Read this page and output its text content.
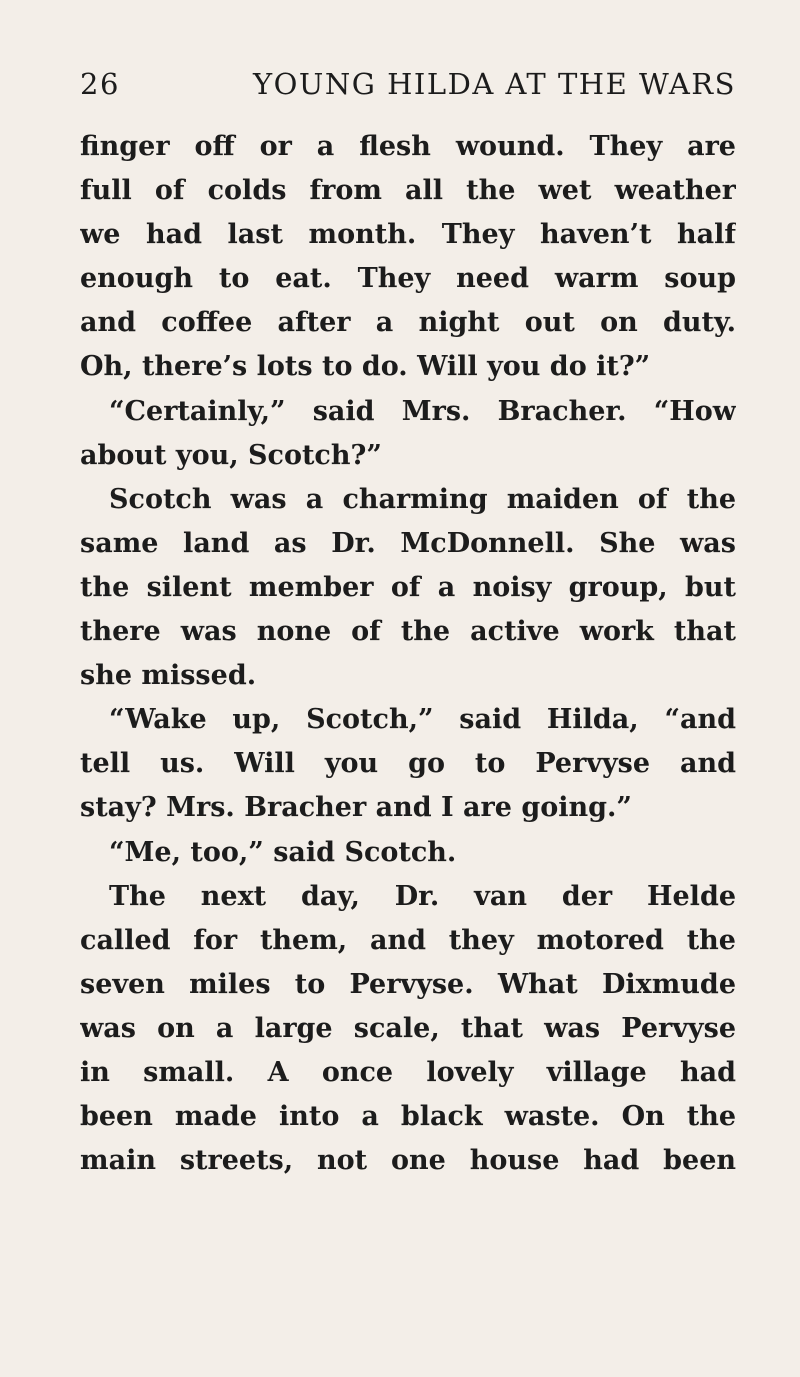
26	YOUNG HILDA AT THE WARS
finger off or a flesh wound. They are
full of colds from all the wet weather
we had last month. They haven’t half
enough to eat. They need warm soup
and coffee after a night out on duty.
Oh, there’s lots to do. Will you do it?”
“Certainly,” said Mrs. Bracher. “How
about you, Scotch?”
Scotch was a charming maiden of the
same land as Dr. McDonnell. She was
the silent member of a noisy group, but
there was none of the active work that
she missed.
“Wake up, Scotch,” said Hilda, “and
tell us. Will you go to Pervyse and
stay? Mrs. Bracher and I are going.”
“Me, too,” said Scotch.
The next day, Dr. van der Helde
called for them, and they motored the
seven miles to Pervyse. What Dixmude
was on a large scale, that was Pervyse
in small. A once lovely village had
been made into a black waste. On the
main streets, not one house had been
